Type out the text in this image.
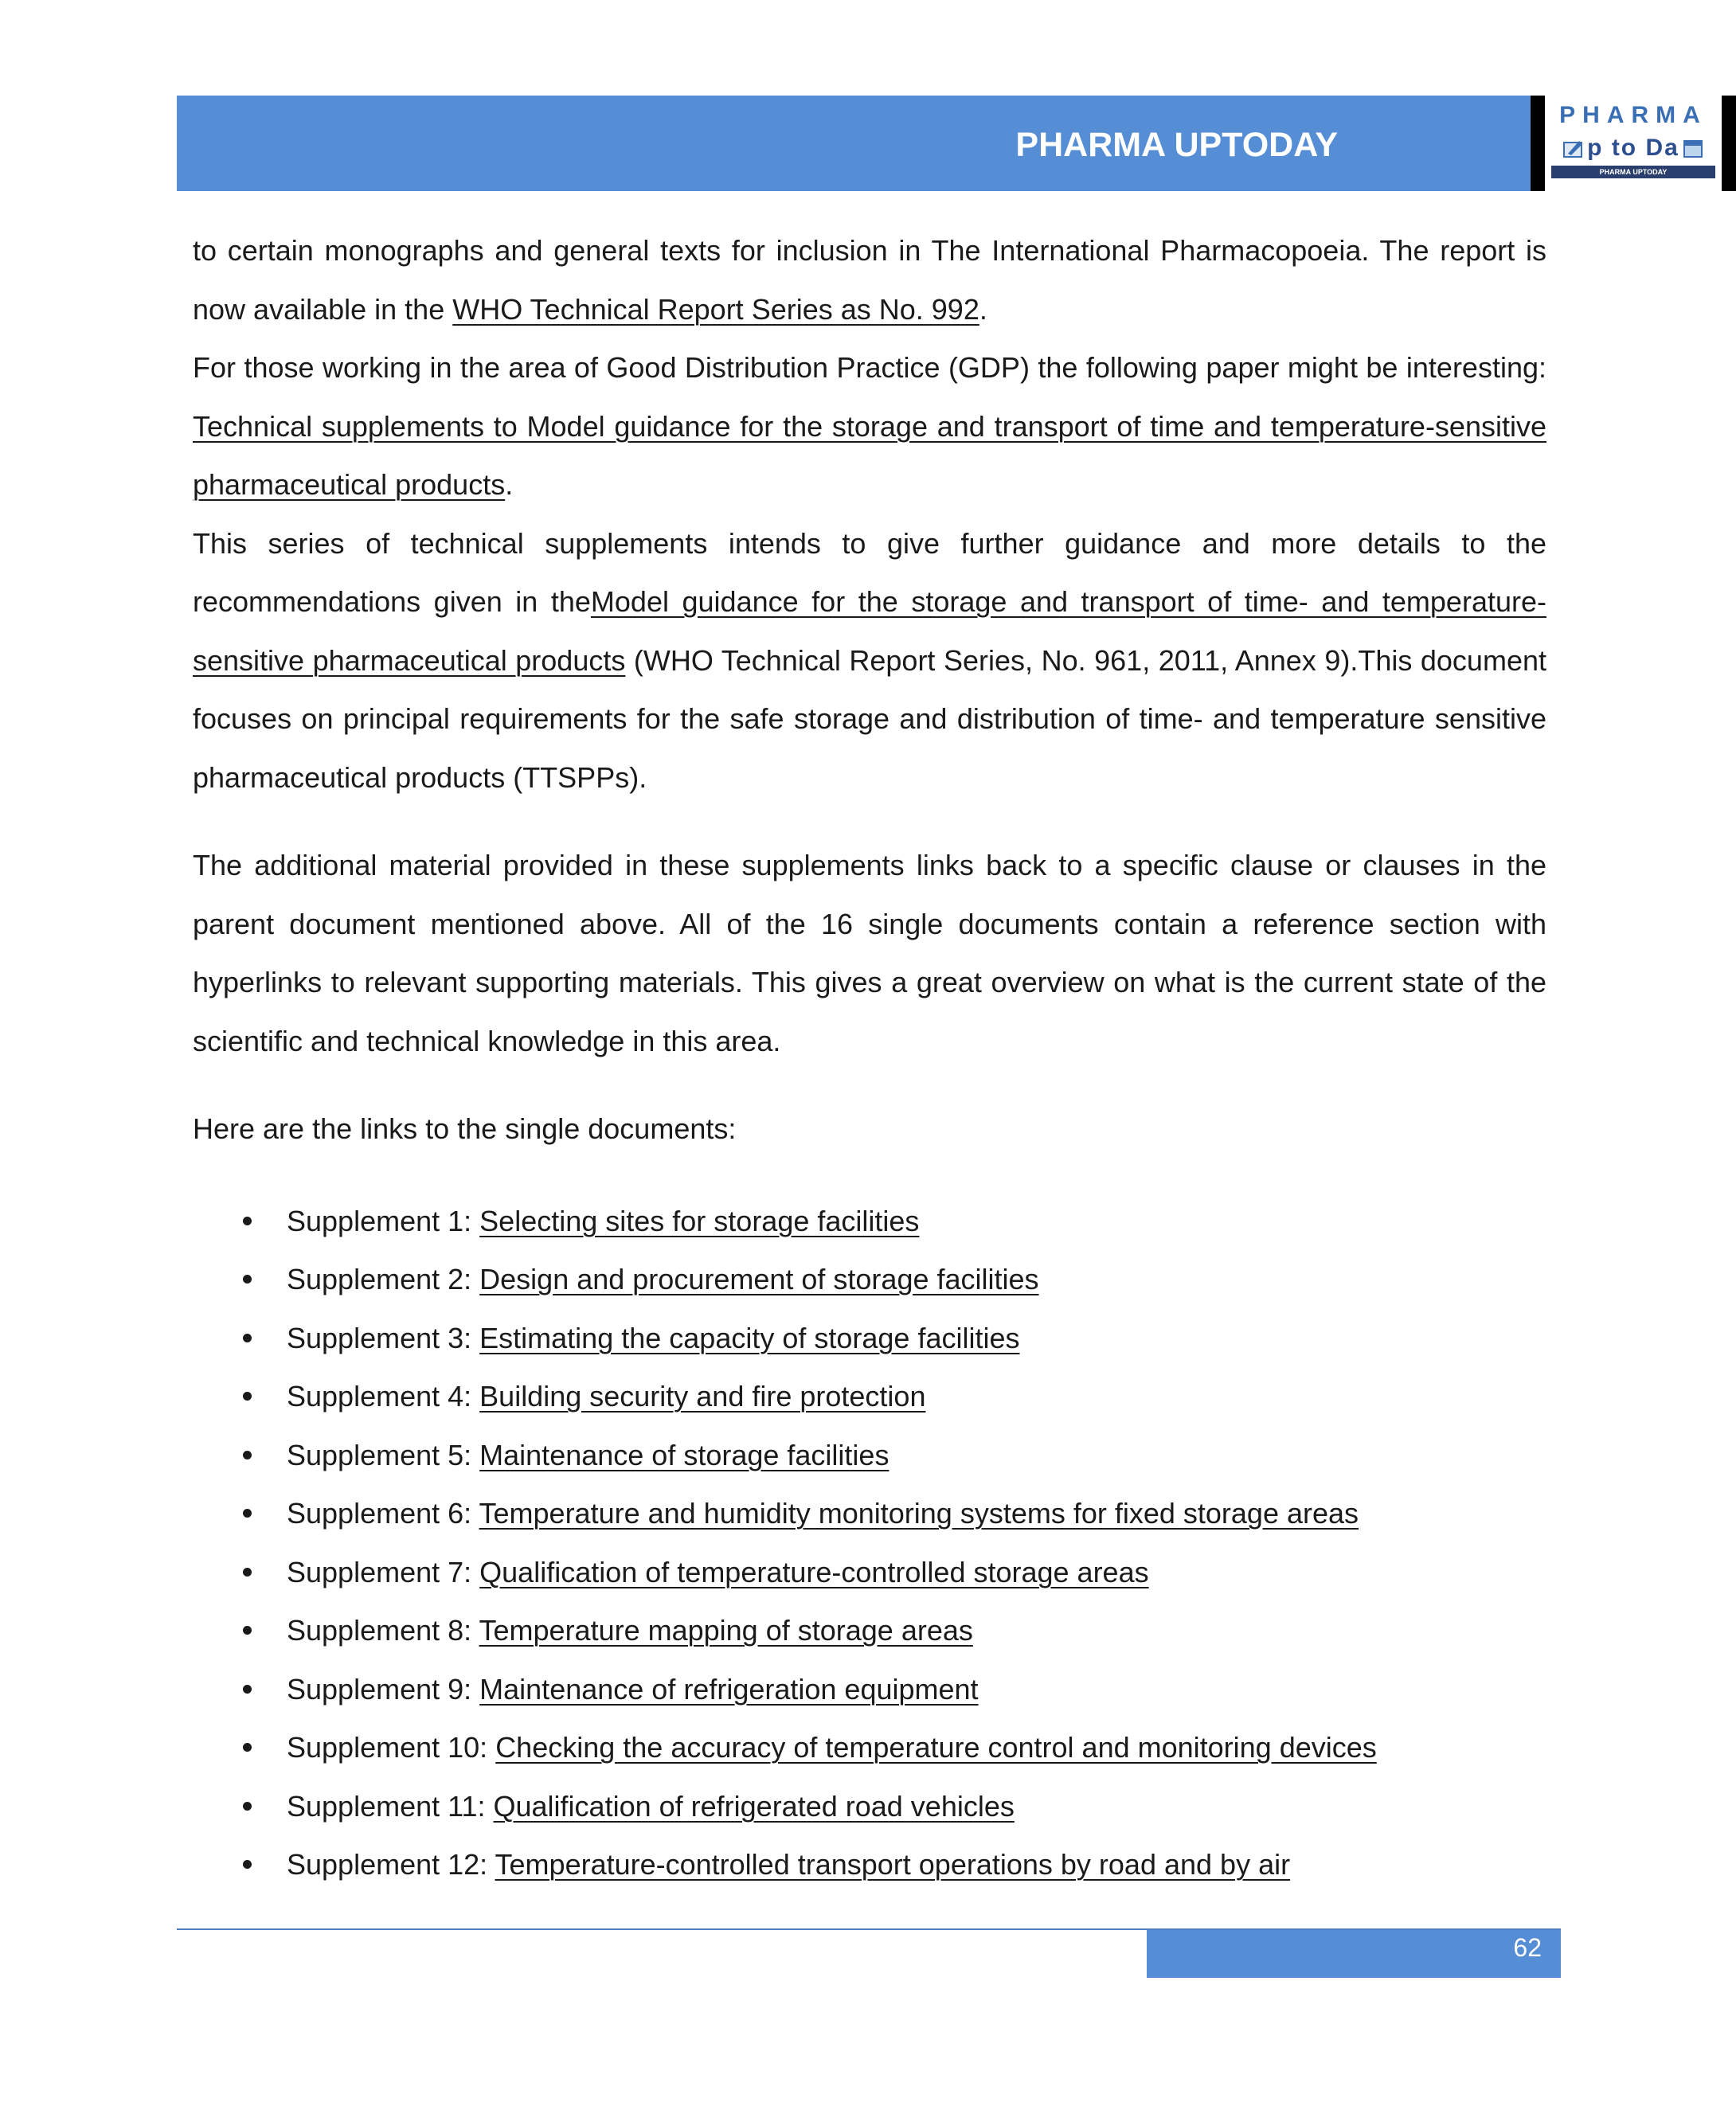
PHARMA UPTODAY
PHARMA
p to Da
PHARMA UPTODAY

to certain monographs and general texts for inclusion in The International Pharmacopoeia. The report is now available in the WHO Technical Report Series as No. 992.

For those working in the area of Good Distribution Practice (GDP) the following paper might be interesting: Technical supplements to Model guidance for the storage and transport of time and temperature-sensitive pharmaceutical products.

This series of technical supplements intends to give further guidance and more details to the recommendations given in theModel guidance for the storage and transport of time- and temperature-sensitive pharmaceutical products (WHO Technical Report Series, No. 961, 2011, Annex 9).This document focuses on principal requirements for the safe storage and distribution of time- and temperature sensitive pharmaceutical products (TTSPPs).

The additional material provided in these supplements links back to a specific clause or clauses in the parent document mentioned above. All of the 16 single documents contain a reference section with hyperlinks to relevant supporting materials. This gives a great overview on what is the current state of the scientific and technical knowledge in this area.

Here are the links to the single documents:

Supplement 1: Selecting sites for storage facilities
Supplement 2: Design and procurement of storage facilities
Supplement 3: Estimating the capacity of storage facilities
Supplement 4: Building security and fire protection
Supplement 5: Maintenance of storage facilities
Supplement 6: Temperature and humidity monitoring systems for fixed storage areas
Supplement 7: Qualification of temperature-controlled storage areas
Supplement 8: Temperature mapping of storage areas
Supplement 9: Maintenance of refrigeration equipment
Supplement 10: Checking the accuracy of temperature control and monitoring devices
Supplement 11: Qualification of refrigerated road vehicles
Supplement 12: Temperature-controlled transport operations by road and by air
62
